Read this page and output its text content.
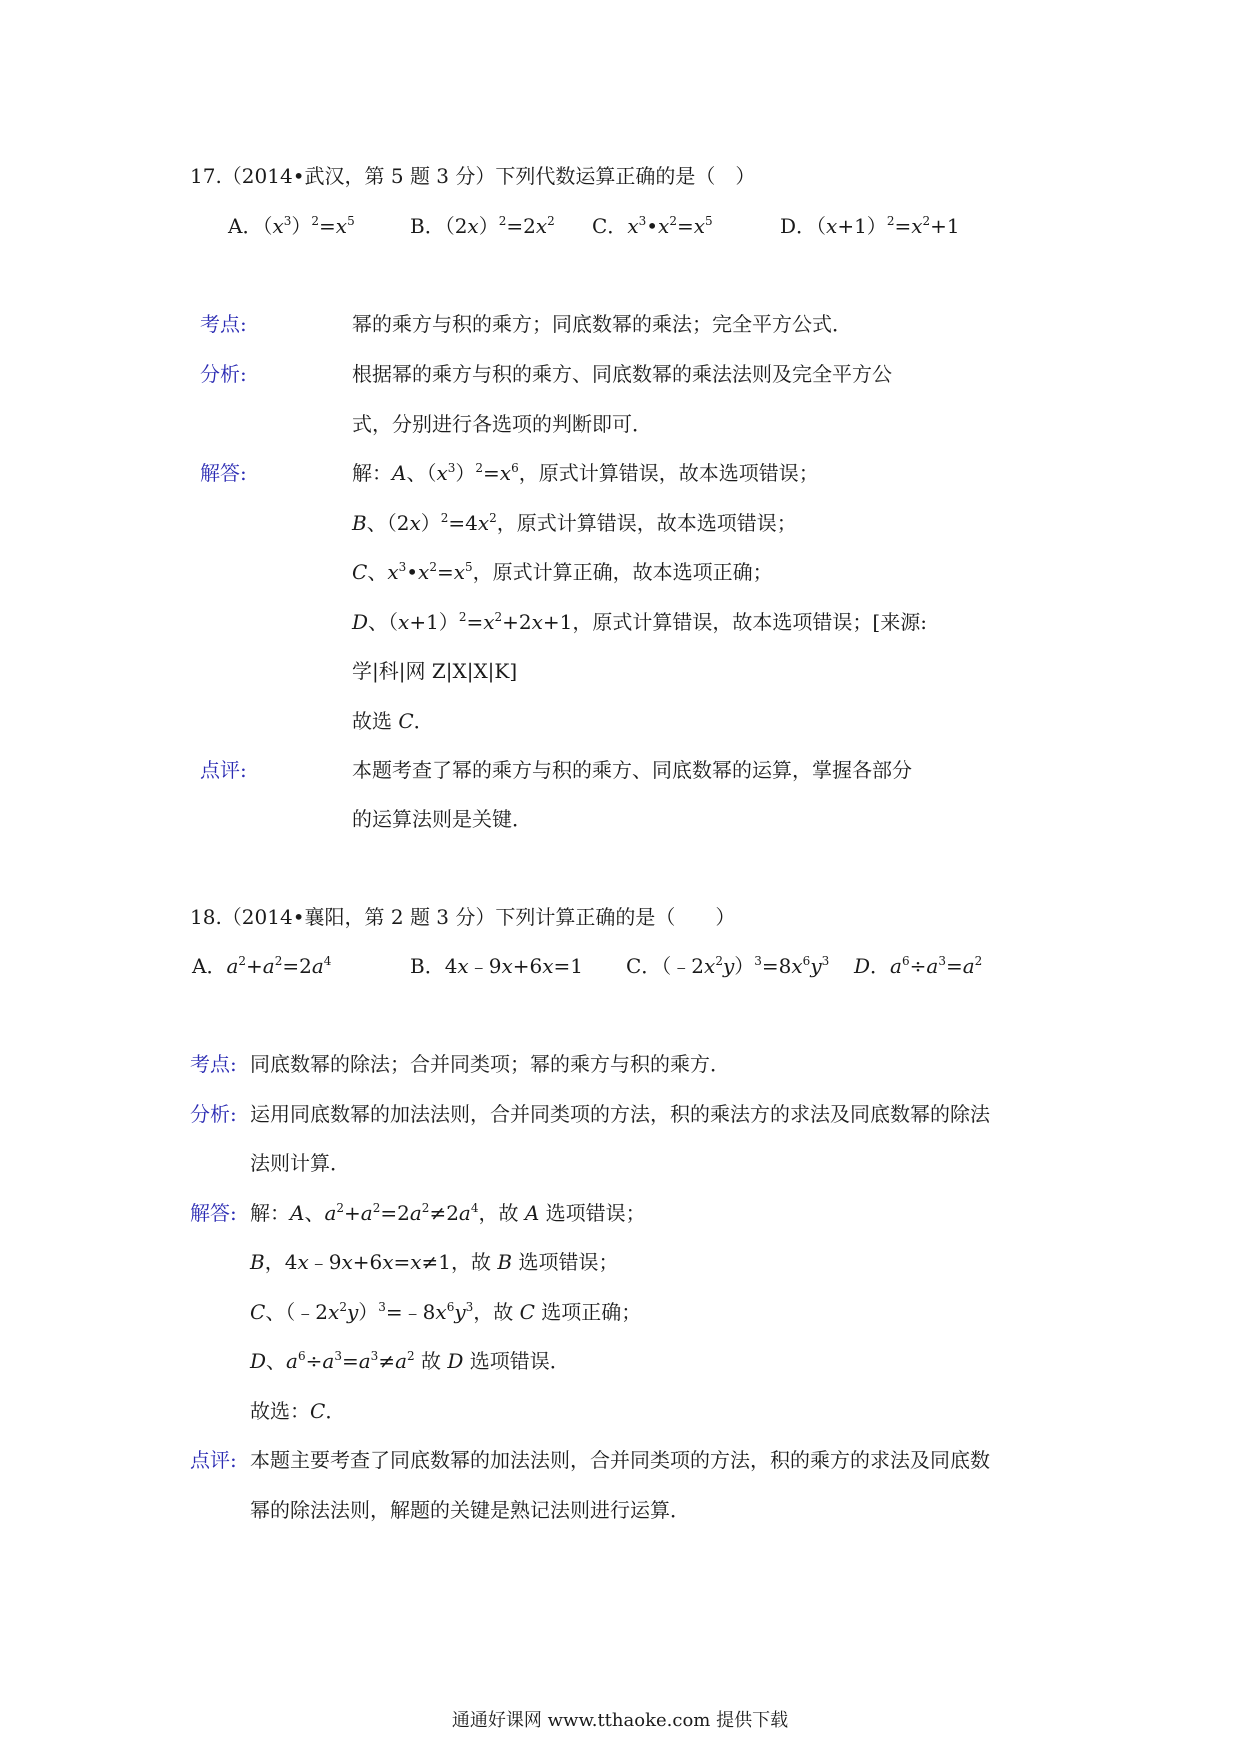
17.（2014•武汉，第 5 题 3 分）下列代数运算正确的是（　）
A．$(x^3)^2=x^5$	B．$(2x)^2=2x^2$ C．$x^3•x^2=x^5$	D．$(x+1)^2=x^2+1$
考点:	幂的乘方与积的乘方；同底数幂的乘法；完全平方公式．
分析:	根据幂的乘方与积的乘方、同底数幂的乘法法则及完全平方公
式，分别进行各选项的判断即可．
解答:	解：A、$(x^3)^2=x^6$，原式计算错误，故本选项错误；
B、$(2x)^2=4x^2$，原式计算错误，故本选项错误；
C、$x^3•x^2=x^5$，原式计算正确，故本选项正确；
D、$(x+1)^2=x^2+2x+1$，原式计算错误，故本选项错误；[来源:
学|科|网 Z|X|X|K]
故选 C．
点评:	本题考查了幂的乘方与积的乘方、同底数幂的运算，掌握各部分
的运算法则是关键．
18.（2014•襄阳，第 2 题 3 分）下列计算正确的是（　　）
A．$a^2+a^2=2a^4$	B．4x﹣9x+6x=1 C．$(﹣2x^2y)^3=8x^6y^3$ D．$a^6\div a^3=a^2$
考点: 同底数幂的除法；合并同类项；幂的乘方与积的乘方．
分析: 运用同底数幂的加法法则，合并同类项的方法，积的乘法方的求法及同底数幂的除法
法则计算．
解答: 解：A、$a^2+a^2=2a^2\ne 2a^4$，故 A 选项错误；
B，4x﹣9x+6x=x≠1，故 B 选项错误；
C、$(﹣2x^2y)^3=﹣8x^6y^3$，故 C 选项正确；
D、$a^6\div a^3=a^3\ne a^2$ 故 D 选项错误．
故选：C．
点评: 本题主要考查了同底数幂的加法法则，合并同类项的方法，积的乘方的求法及同底数
幂的除法法则，解题的关键是熟记法则进行运算．
通通好课网 www.tthaoke.com 提供下载
